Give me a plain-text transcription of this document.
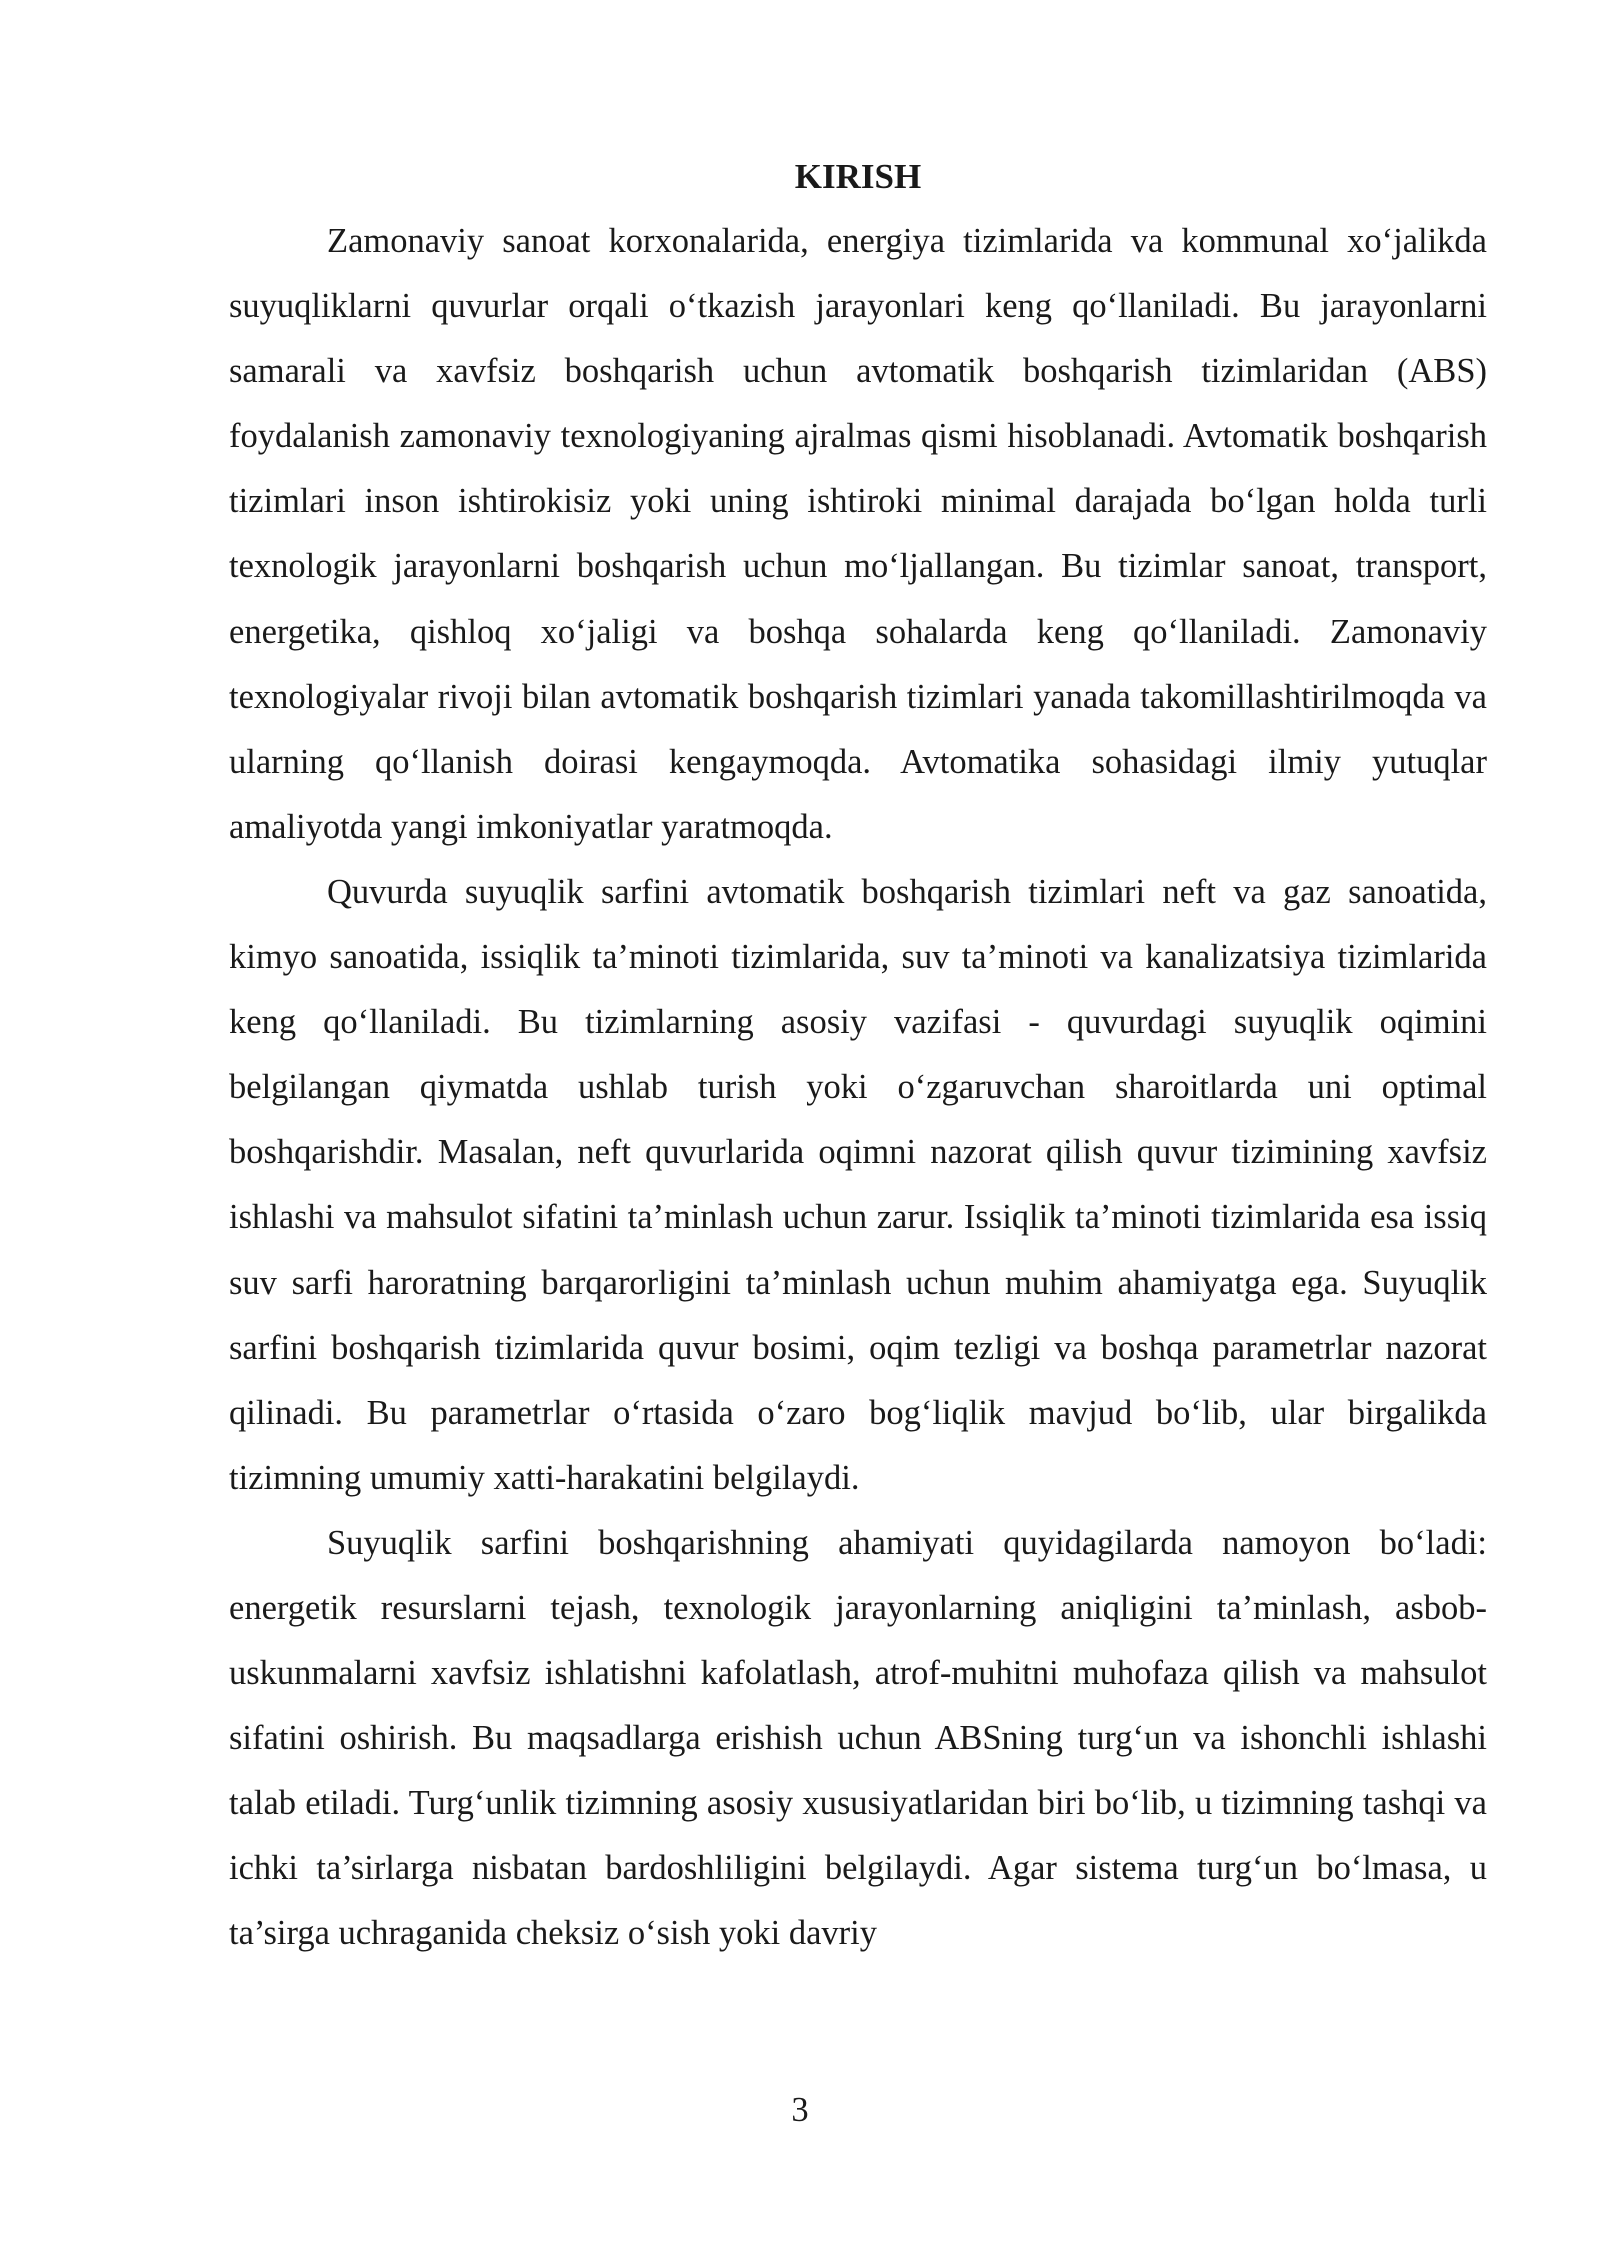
KIRISH

Zamonaviy sanoat korxonalarida, energiya tizimlarida va kommunal xo‘jalikda suyuqliklarni quvurlar orqali o‘tkazish jarayonlari keng qo‘llaniladi. Bu jarayonlarni samarali va xavfsiz boshqarish uchun avtomatik boshqarish tizimlaridan (ABS) foydalanish zamonaviy texnologiyaning ajralmas qismi hisoblanadi. Avtomatik boshqarish tizimlari inson ishtirokisiz yoki uning ishtiroki minimal darajada bo‘lgan holda turli texnologik jarayonlarni boshqarish uchun mo‘ljallangan. Bu tizimlar sanoat, transport, energetika, qishloq xo‘jaligi va boshqa sohalarda keng qo‘llaniladi. Zamonaviy texnologiyalar rivoji bilan avtomatik boshqarish tizimlari yanada takomillashtirilmoqda va ularning qo‘llanish doirasi kengaymoqda. Avtomatika sohasidagi ilmiy yutuqlar amaliyotda yangi imkoniyatlar yaratmoqda.

Quvurda suyuqlik sarfini avtomatik boshqarish tizimlari neft va gaz sanoatida, kimyo sanoatida, issiqlik ta’minoti tizimlarida, suv ta’minoti va kanalizatsiya tizimlarida keng qo‘llaniladi. Bu tizimlarning asosiy vazifasi - quvurdagi suyuqlik oqimini belgilangan qiymatda ushlab turish yoki o‘zgaruvchan sharoitlarda uni optimal boshqarishdir. Masalan, neft quvurlarida oqimni nazorat qilish quvur tizimining xavfsiz ishlashi va mahsulot sifatini ta’minlash uchun zarur. Issiqlik ta’minoti tizimlarida esa issiq suv sarfi haroratning barqarorligini ta’minlash uchun muhim ahamiyatga ega. Suyuqlik sarfini boshqarish tizimlarida quvur bosimi, oqim tezligi va boshqa parametrlar nazorat qilinadi. Bu parametrlar o‘rtasida o‘zaro bog‘liqlik mavjud bo‘lib, ular birgalikda tizimning umumiy xatti-harakatini belgilaydi.

Suyuqlik sarfini boshqarishning ahamiyati quyidagilarda namoyon bo‘ladi: energetik resurslarni tejash, texnologik jarayonlarning aniqligini ta’minlash, asbob-uskunmalarni xavfsiz ishlatishni kafolatlash, atrof-muhitni muhofaza qilish va mahsulot sifatini oshirish. Bu maqsadlarga erishish uchun ABSning turg‘un va ishonchli ishlashi talab etiladi. Turg‘unlik tizimning asosiy xususiyatlaridan biri bo‘lib, u tizimning tashqi va ichki ta’sirlarga nisbatan bardoshliligini belgilaydi. Agar sistema turg‘un bo‘lmasa, u ta’sirga uchraganida cheksiz o‘sish yoki davriy

3
